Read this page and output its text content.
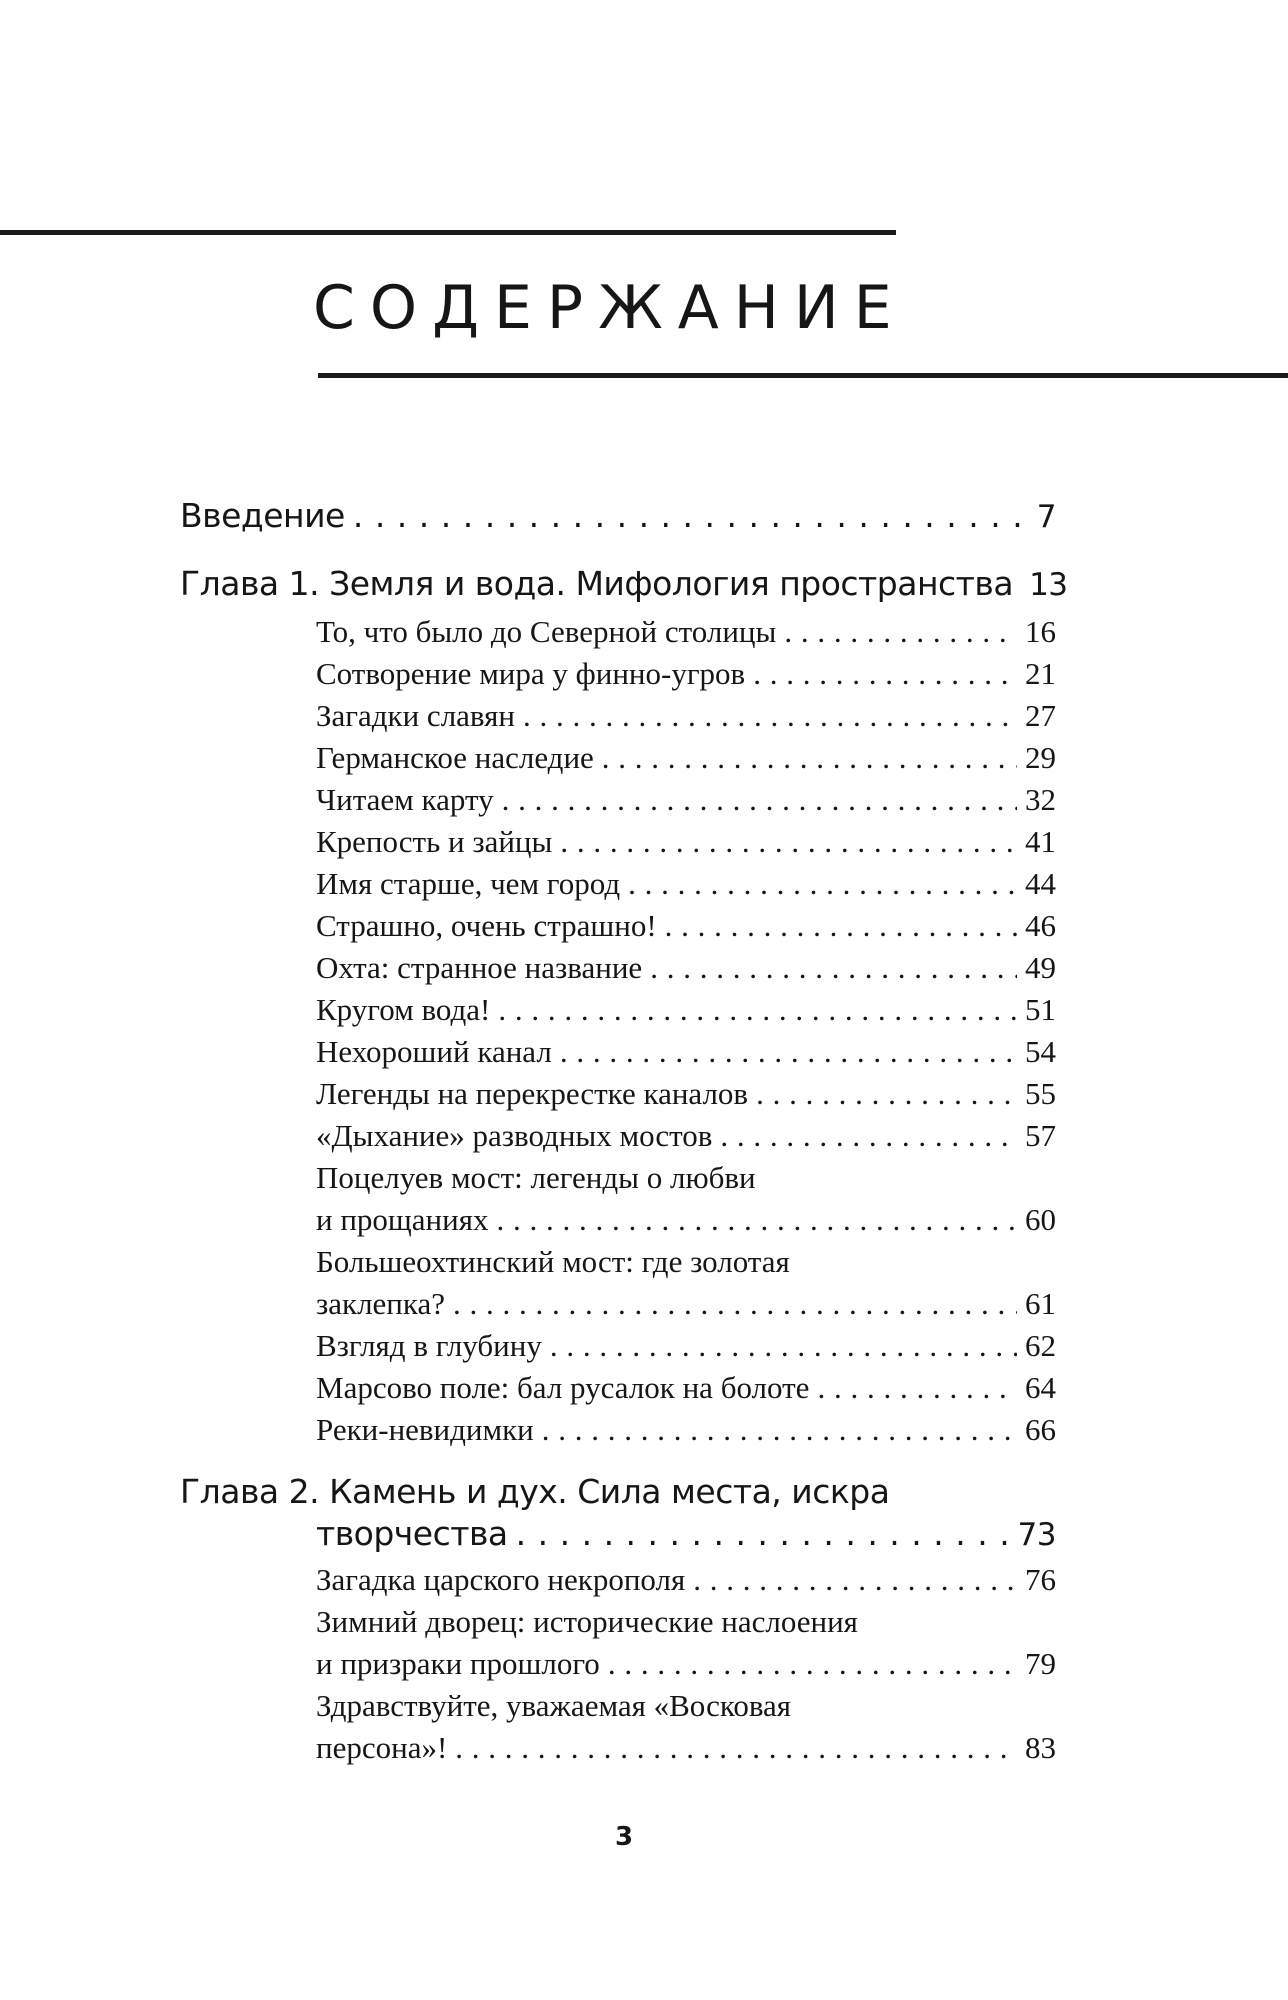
СОДЕРЖАНИЕ
Введение . . .	7
Глава 1. Земля и вода. Мифология пространства 13
То, что было до Северной столицы . . .	16
Сотворение мира у финно-угров . . .	21
Загадки славян . . .	27
Германское наследие . . .	29
Читаем карту . . .	32
Крепость и зайцы . . .	41
Имя старше, чем город . . .	44
Страшно, очень страшно! . . .	46
Охта: странное название . . .	49
Кругом вода! . . .	51
Нехороший канал . . .	54
Легенды на перекрестке каналов . . .	55
«Дыхание» разводных мостов . . .	57
Поцелуев мост: легенды о любви
и прощаниях . . .	60
Большеохтинский мост: где золотая
заклепка? . . .	61
Взгляд в глубину . . .	62
Марсово поле: бал русалок на болоте . . .	64
Реки-невидимки . . .	66
Глава 2. Камень и дух. Сила места, искра
творчества . . .	73
Загадка царского некрополя . . .	76
Зимний дворец: исторические наслоения
и призраки прошлого . . .	79
Здравствуйте, уважаемая «Восковая
персона»! . . .	83
3
